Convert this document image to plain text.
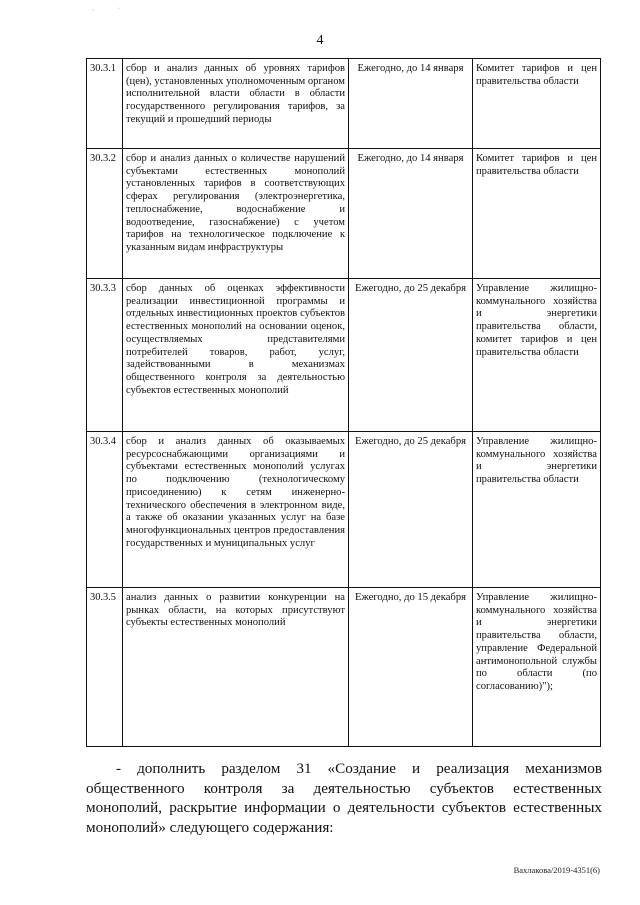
`
·
4
30.3.1	сбор и анализ данных об уровнях тарифов (цен), установленных уполномоченным органом исполнительной власти области в области государственного регулирования тарифов, за текущий и прошедший периоды	Ежегодно, до 14 января	Комитет тарифов и цен правительства области
30.3.2	сбор и анализ данных о количестве нарушений субъектами естественных монополий установленных тарифов в соответствующих сферах регулирования (электроэнергетика, теплоснабжение, водоснабжение и водоотведение, газоснабжение) с учетом тарифов на технологическое подключение к указанным видам инфраструктуры	Ежегодно, до 14 января	Комитет тарифов и цен правительства области
30.3.3	сбор данных об оценках эффективности реализации инвестиционной программы и отдельных инвестиционных проектов субъектов естественных монополий на основании оценок, осуществляемых представителями потребителей товаров, работ, услуг, задействованными в механизмах общественного контроля за деятельностью субъектов естественных монополий	Ежегодно, до 25 декабря	Управление жилищно-коммунального хозяйства и энергетики правительства области, комитет тарифов и цен правительства области
30.3.4	сбор и анализ данных об оказываемых ресурсоснабжающими организациями и субъектами естественных монополий услугах по подключению (технологическому присоединению) к сетям инженерно-технического обеспечения в электронном виде, а также об оказании указанных услуг на базе многофункциональных центров предоставления государственных и муниципальных услуг	Ежегодно, до 25 декабря	Управление жилищно-коммунального хозяйства и энергетики правительства области
30.3.5	анализ данных о развитии конкуренции на рынках области, на которых присутствуют субъекты естественных монополий	Ежегодно, до 15 декабря	Управление жилищно-коммунального хозяйства и энергетики правительства области, управление Федеральной антимонопольной службы по области (по согласованию)");

- дополнить разделом 31 «Создание и реализация механизмов общественного контроля за деятельностью субъектов естественных монополий, раскрытие информации о деятельности субъектов естественных монополий» следующего содержания:

Вахлакова/2019-4351(6)
